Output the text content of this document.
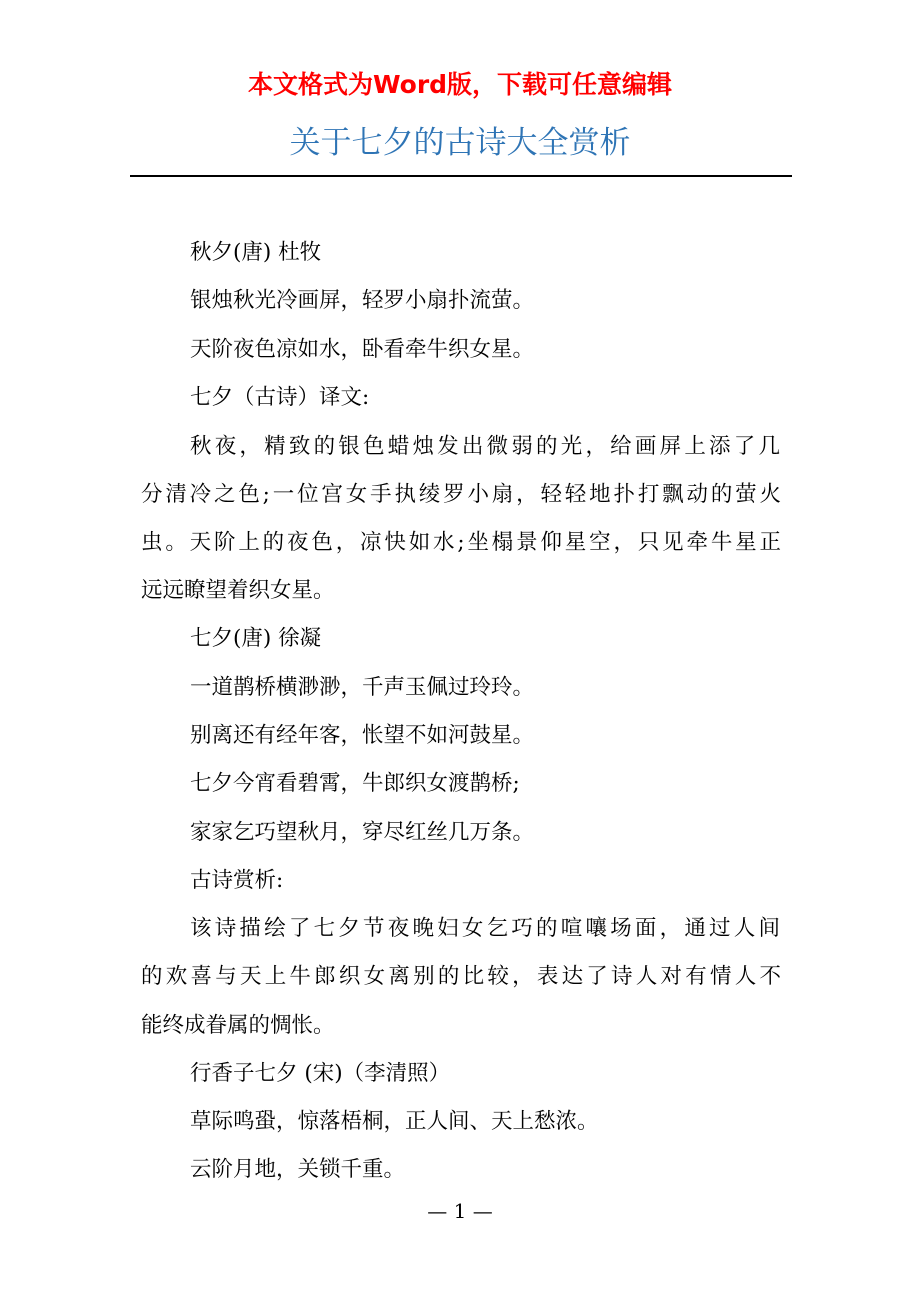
本文格式为Word版，下载可任意编辑
关于七夕的古诗大全赏析
秋夕(唐) 杜牧
银烛秋光冷画屏，轻罗小扇扑流萤。
天阶夜色凉如水，卧看牵牛织女星。
七夕（古诗）译文:
秋夜，精致的银色蜡烛发出微弱的光，给画屏上添了几
分清冷之色;一位宫女手执绫罗小扇，轻轻地扑打飘动的萤火
虫。天阶上的夜色，凉快如水;坐榻景仰星空，只见牵牛星正
远远瞭望着织女星。
七夕(唐) 徐凝
一道鹊桥横渺渺，千声玉佩过玲玲。
别离还有经年客，怅望不如河鼓星。
七夕今宵看碧霄，牛郎织女渡鹊桥;
家家乞巧望秋月，穿尽红丝几万条。
古诗赏析:
该诗描绘了七夕节夜晚妇女乞巧的喧嚷场面，通过人间
的欢喜与天上牛郎织女离别的比较，表达了诗人对有情人不
能终成眷属的惆怅。
行香子七夕 (宋)（李清照）
草际鸣蛩，惊落梧桐，正人间、天上愁浓。
云阶月地，关锁千重。
— 1 —
